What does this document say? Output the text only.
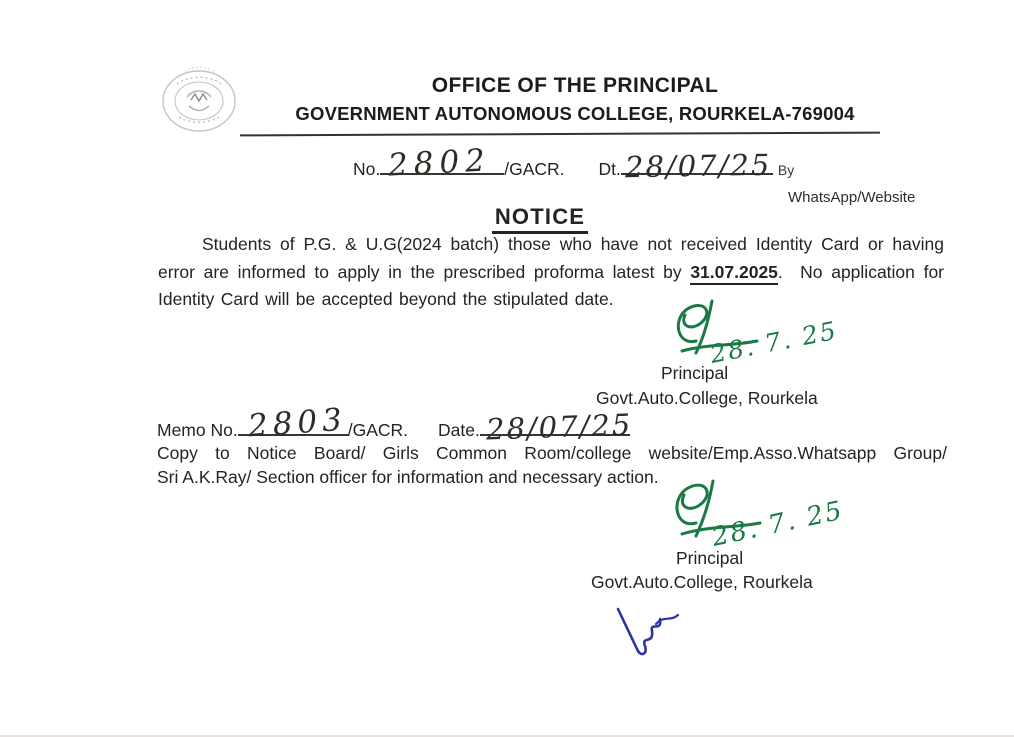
OFFICE OF THE PRINCIPAL
GOVERNMENT AUTONOMOUS COLLEGE, ROURKELA-769004
No. 2802 /GACR. Dt. 28/07/25 By
WhatsApp/Website
NOTICE

Students of P.G. & U.G(2024 batch) those who have not received Identity Card or having error are informed to apply in the prescribed proforma latest by 31.07.2025.  No application for Identity Card will be accepted beyond the stipulated date.

28. 7. 25
Principal
Govt.Auto.College, Rourkela
Memo No. 2803 /GACR. Date. 28/07/25
Copy to Notice Board/ Girls Common Room/college website/Emp.Asso.Whatsapp Group/
Sri A.K.Ray/ Section officer for information and necessary action.
28. 7. 25
Principal
Govt.Auto.College, Rourkela
